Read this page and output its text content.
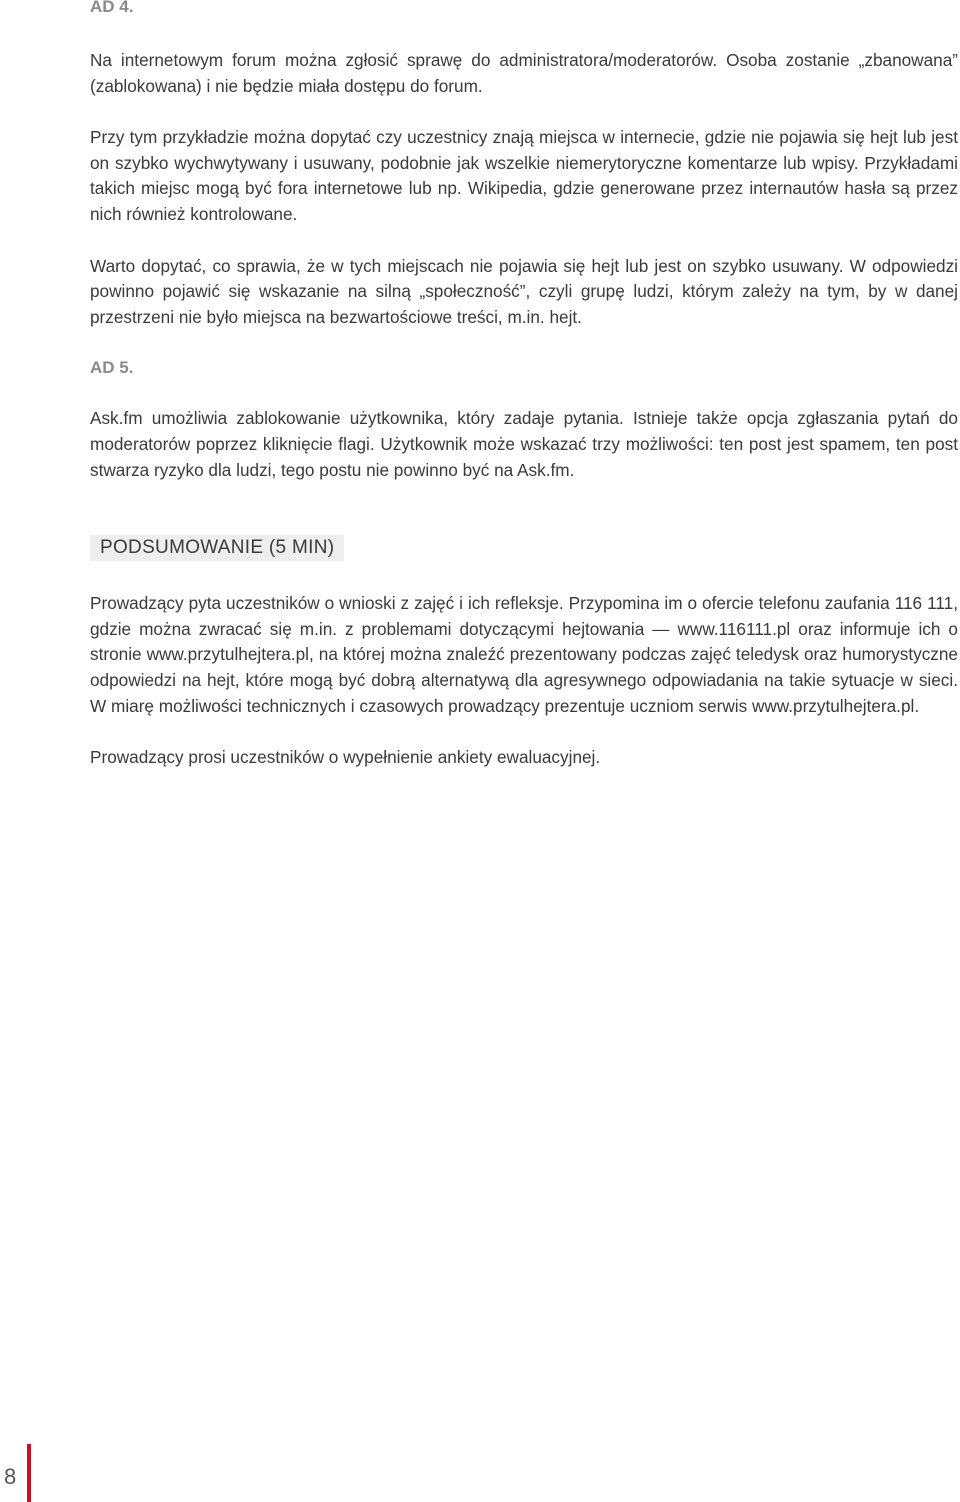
AD 4.

Na internetowym forum można zgłosić sprawę do administratora/moderatorów. Osoba zostanie „zbanowana” (zablokowana) i nie będzie miała dostępu do forum.

Przy tym przykładzie można dopytać czy uczestnicy znają miejsca w internecie, gdzie nie pojawia się hejt lub jest on szybko wychwytywany i usuwany, podobnie jak wszelkie niemerytoryczne komentarze lub wpisy. Przykładami takich miejsc mogą być fora internetowe lub np. Wikipedia, gdzie generowane przez internautów hasła są przez nich również kontrolowane.

Warto dopytać, co sprawia, że w tych miejscach nie pojawia się hejt lub jest on szybko usuwany. W odpowiedzi powinno pojawić się wskazanie na silną „społeczność”, czyli grupę ludzi, którym zależy na tym, by w danej przestrzeni nie było miejsca na bezwartościowe treści, m.in. hejt.

AD 5.

Ask.fm umożliwia zablokowanie użytkownika, który zadaje pytania. Istnieje także opcja zgłaszania pytań do moderatorów poprzez kliknięcie flagi. Użytkownik może wskazać trzy możliwości: ten post jest spamem, ten post stwarza ryzyko dla ludzi, tego postu nie powinno być na Ask.fm.

PODSUMOWANIE (5 MIN)

Prowadzący pyta uczestników o wnioski z zajęć i ich refleksje. Przypomina im o ofercie telefonu zaufania 116 111, gdzie można zwracać się m.in. z problemami dotyczącymi hejtowania — www.116111.pl oraz informuje ich o stronie www.przytulhejtera.pl, na której można znaleźć prezentowany podczas zajęć teledysk oraz humorystyczne odpowiedzi na hejt, które mogą być dobrą alternatywą dla agresywnego odpowiadania na takie sytuacje w sieci. W miarę możliwości technicznych i czasowych prowadzący prezentuje uczniom serwis www.przytulhejtera.pl.

Prowadzący prosi uczestników o wypełnienie ankiety ewaluacyjnej.

8
